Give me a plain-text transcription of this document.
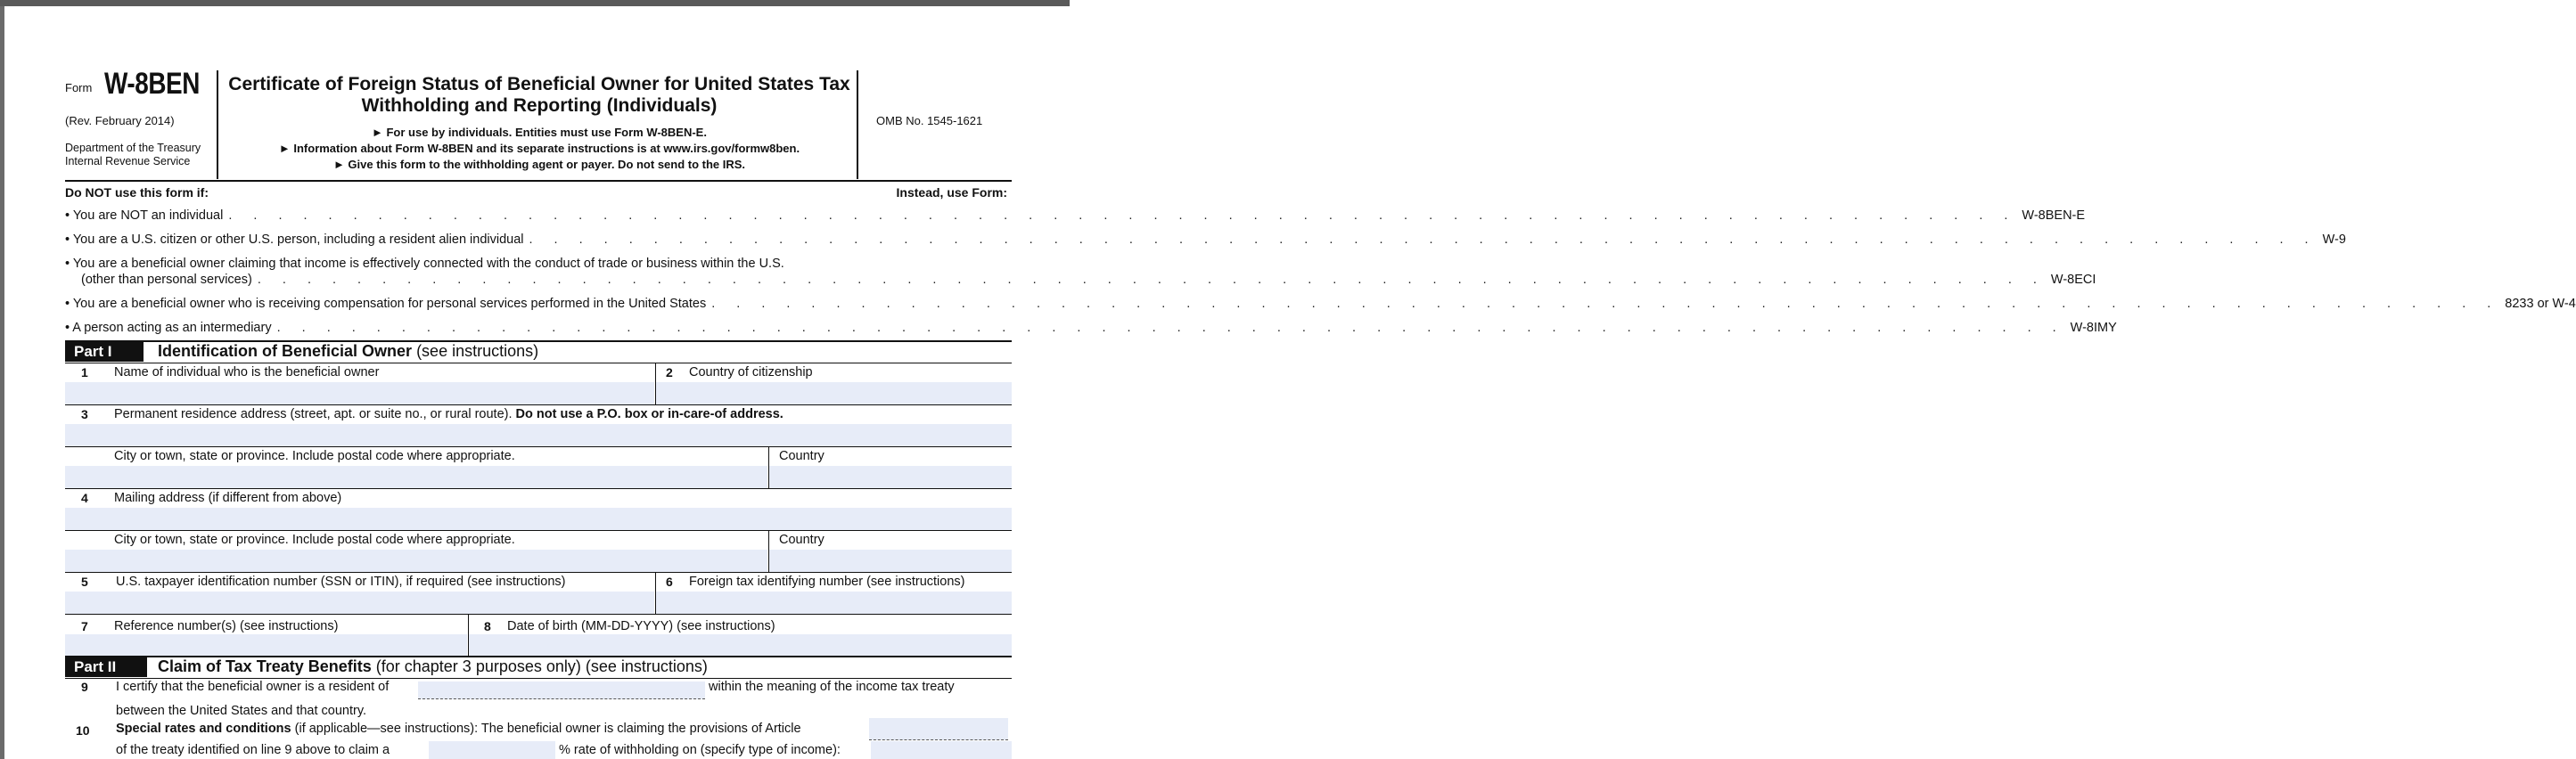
Form W-8BEN
(Rev. February 2014)
Department of the Treasury
Internal Revenue Service
Certificate of Foreign Status of Beneficial Owner for United States Tax Withholding and Reporting (Individuals)
► For use by individuals. Entities must use Form W-8BEN-E.
► Information about Form W-8BEN and its separate instructions is at www.irs.gov/formw8ben.
► Give this form to the withholding agent or payer. Do not send to the IRS.
OMB No. 1545-1621
Do NOT use this form if:	Instead, use Form:
• You are NOT an individual . . . . . . . . . . . . . . . . . . . . . . . . . . . . . . . . . . . . . . . . . . . . . . . . . . . . . . . . . . . . . . . . . . . . . . . . W-8BEN-E
• You are a U.S. citizen or other U.S. person, including a resident alien individual . . . . . . . . . . . . . . . . . . . . . . . . . . . . . . . . . . . . . . . . . . . . . . . . . . . . . . . . . . . . . . . . . . . . . . . . W-9
• You are a beneficial owner claiming that income is effectively connected with the conduct of trade or business within the U.S.
(other than personal services) . . . . . . . . . . . . . . . . . . . . . . . . . . . . . . . . . . . . . . . . . . . . . . . . . . . . . . . . . . . . . . . . . . . . . . . . W-8ECI
• You are a beneficial owner who is receiving compensation for personal services performed in the United States . . . . . . . . . . . . . . . . . . . . . . . . . . . . . . . . . . . . . . . . . . . . . . . . . . . . . . . . . . . . . . . . . . . . . . . . 8233 or W-4
• A person acting as an intermediary . . . . . . . . . . . . . . . . . . . . . . . . . . . . . . . . . . . . . . . . . . . . . . . . . . . . . . . . . . . . . . . . . . . . . . . . W-8IMY
Part I	Identification of Beneficial Owner (see instructions)
1 Name of individual who is the beneficial owner	2 Country of citizenship
3 Permanent residence address (street, apt. or suite no., or rural route). Do not use a P.O. box or in-care-of address.
City or town, state or province. Include postal code where appropriate.	Country
4 Mailing address (if different from above)
City or town, state or province. Include postal code where appropriate.	Country
5 U.S. taxpayer identification number (SSN or ITIN), if required (see instructions)	6 Foreign tax identifying number (see instructions)
7 Reference number(s) (see instructions)	8 Date of birth (MM-DD-YYYY) (see instructions)
Part II	Claim of Tax Treaty Benefits (for chapter 3 purposes only) (see instructions)
9 I certify that the beneficial owner is a resident of	within the meaning of the income tax treaty
between the United States and that country.
10 Special rates and conditions (if applicable—see instructions): The beneficial owner is claiming the provisions of Article
of the treaty identified on line 9 above to claim a	% rate of withholding on (specify type of income):
